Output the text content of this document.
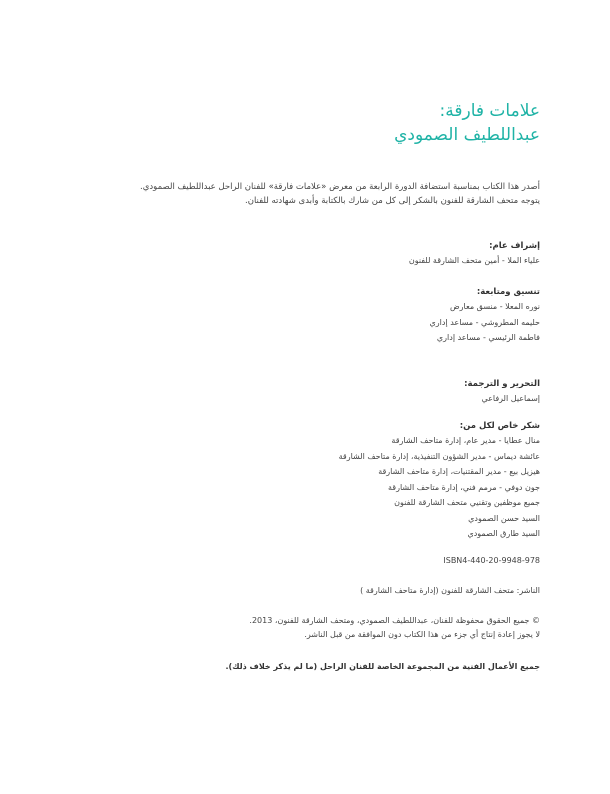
علامات فارقة:
عبداللطيف الصمودي
أصدر هذا الكتاب بمناسبة استضافة الدورة الرابعة من معرض «علامات فارقة» للفنان الراحل عبداللطيف الصمودي.
يتوجه متحف الشارقة للفنون بالشكر إلى كل من شارك بالكتابة وأبدى شهادته للفنان.
إشراف عام:
علياء الملا - أمين متحف الشارقة للفنون
تنسيق ومتابعة:
نوره المعلا - منسق معارض
حليمه المطروشي - مساعد إداري
فاطمة الرئيسي - مساعد إداري
التحرير و الترجمة:
إسماعيل الرفاعي
شكر خاص لكل من:
منال عطايا - مدير عام، إدارة متاحف الشارقة
عائشة ديماس - مدير الشؤون التنفيذية، إدارة متاحف الشارقة
هيزيل بيع - مدير المقتنيات، إدارة متاحف الشارقة
جون دوفي - مرمم فني، إدارة متاحف الشارقة
جميع موظفين وتقنيي متحف الشارقة للفنون
السيد حسن الصمودي
السيد طارق الصمودي
ISBN4-440-20-9948-978
الناشر: متحف الشارقة للفنون (إدارة متاحف الشارقة )
© جميع الحقوق محفوظة للفنان، عبداللطيف الصمودي، ومتحف الشارقة للفنون، 2013.
لا يجوز إعادة إنتاج أي جزء من هذا الكتاب دون الموافقة من قبل الناشر.
جميع الأعمال الفنية من المجموعة الخاصة للفنان الراحل (ما لم يذكر خلاف ذلك).
